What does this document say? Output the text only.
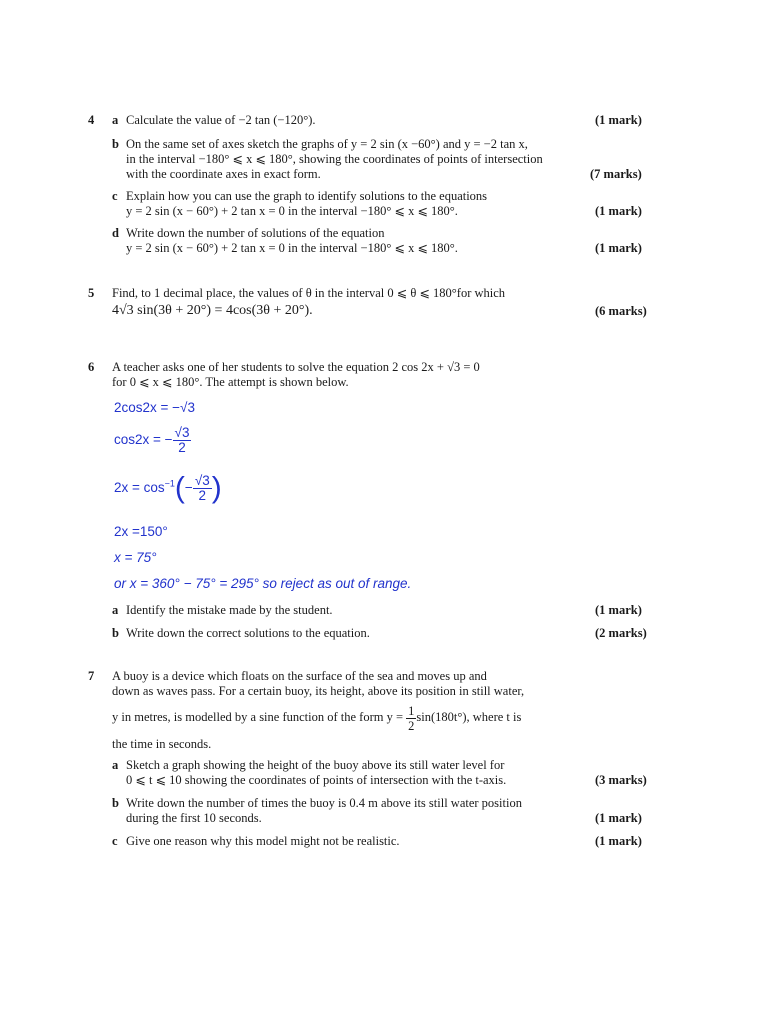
4 a Calculate the value of −2 tan (−120°).	(1 mark)
b On the same set of axes sketch the graphs of y = 2 sin (x −60°) and y = −2 tan x,
in the interval −180° ⩽ x ⩽ 180°, showing the coordinates of points of intersection
with the coordinate axes in exact form.	(7 marks)
c Explain how you can use the graph to identify solutions to the equations
y = 2 sin (x − 60°) + 2 tan x = 0 in the interval −180° ⩽ x ⩽ 180°.	(1 mark)
d Write down the number of solutions of the equation
y = 2 sin (x − 60°) + 2 tan x = 0 in the interval −180° ⩽ x ⩽ 180°.	(1 mark)
5 Find, to 1 decimal place, the values of θ in the interval 0 ⩽ θ ⩽ 180°for which
4√3 sin(3θ + 20°) = 4cos(3θ + 20°).	(6 marks)
6 A teacher asks one of her students to solve the equation 2 cos 2x + √3 = 0
for 0 ⩽ x ⩽ 180°. The attempt is shown below.
2cos2x = −√3
cos2x = − $\frac{√3}{2}$
$2x = \cos^{-1}(- \frac{√3}{2}$ )
2x =150°
x = 75°
or x = 360° − 75° = 295° so reject as out of range.
a Identify the mistake made by the student.	(1 mark)
b Write down the correct solutions to the equation.	(2 marks)
7 A buoy is a device which floats on the surface of the sea and moves up and
down as waves pass. For a certain buoy, its height, above its position in still water,
y in metres, is modelled by a sine function of the form $y = \frac{1}{2} \sin(180t^\circ)$, where t is
the time in seconds.
a Sketch a graph showing the height of the buoy above its still water level for
0 ⩽ t ⩽ 10 showing the coordinates of points of intersection with the t-axis.	(3 marks)
b Write down the number of times the buoy is 0.4 m above its still water position
during the first 10 seconds.	(1 mark)
c Give one reason why this model might not be realistic.	(1 mark)
